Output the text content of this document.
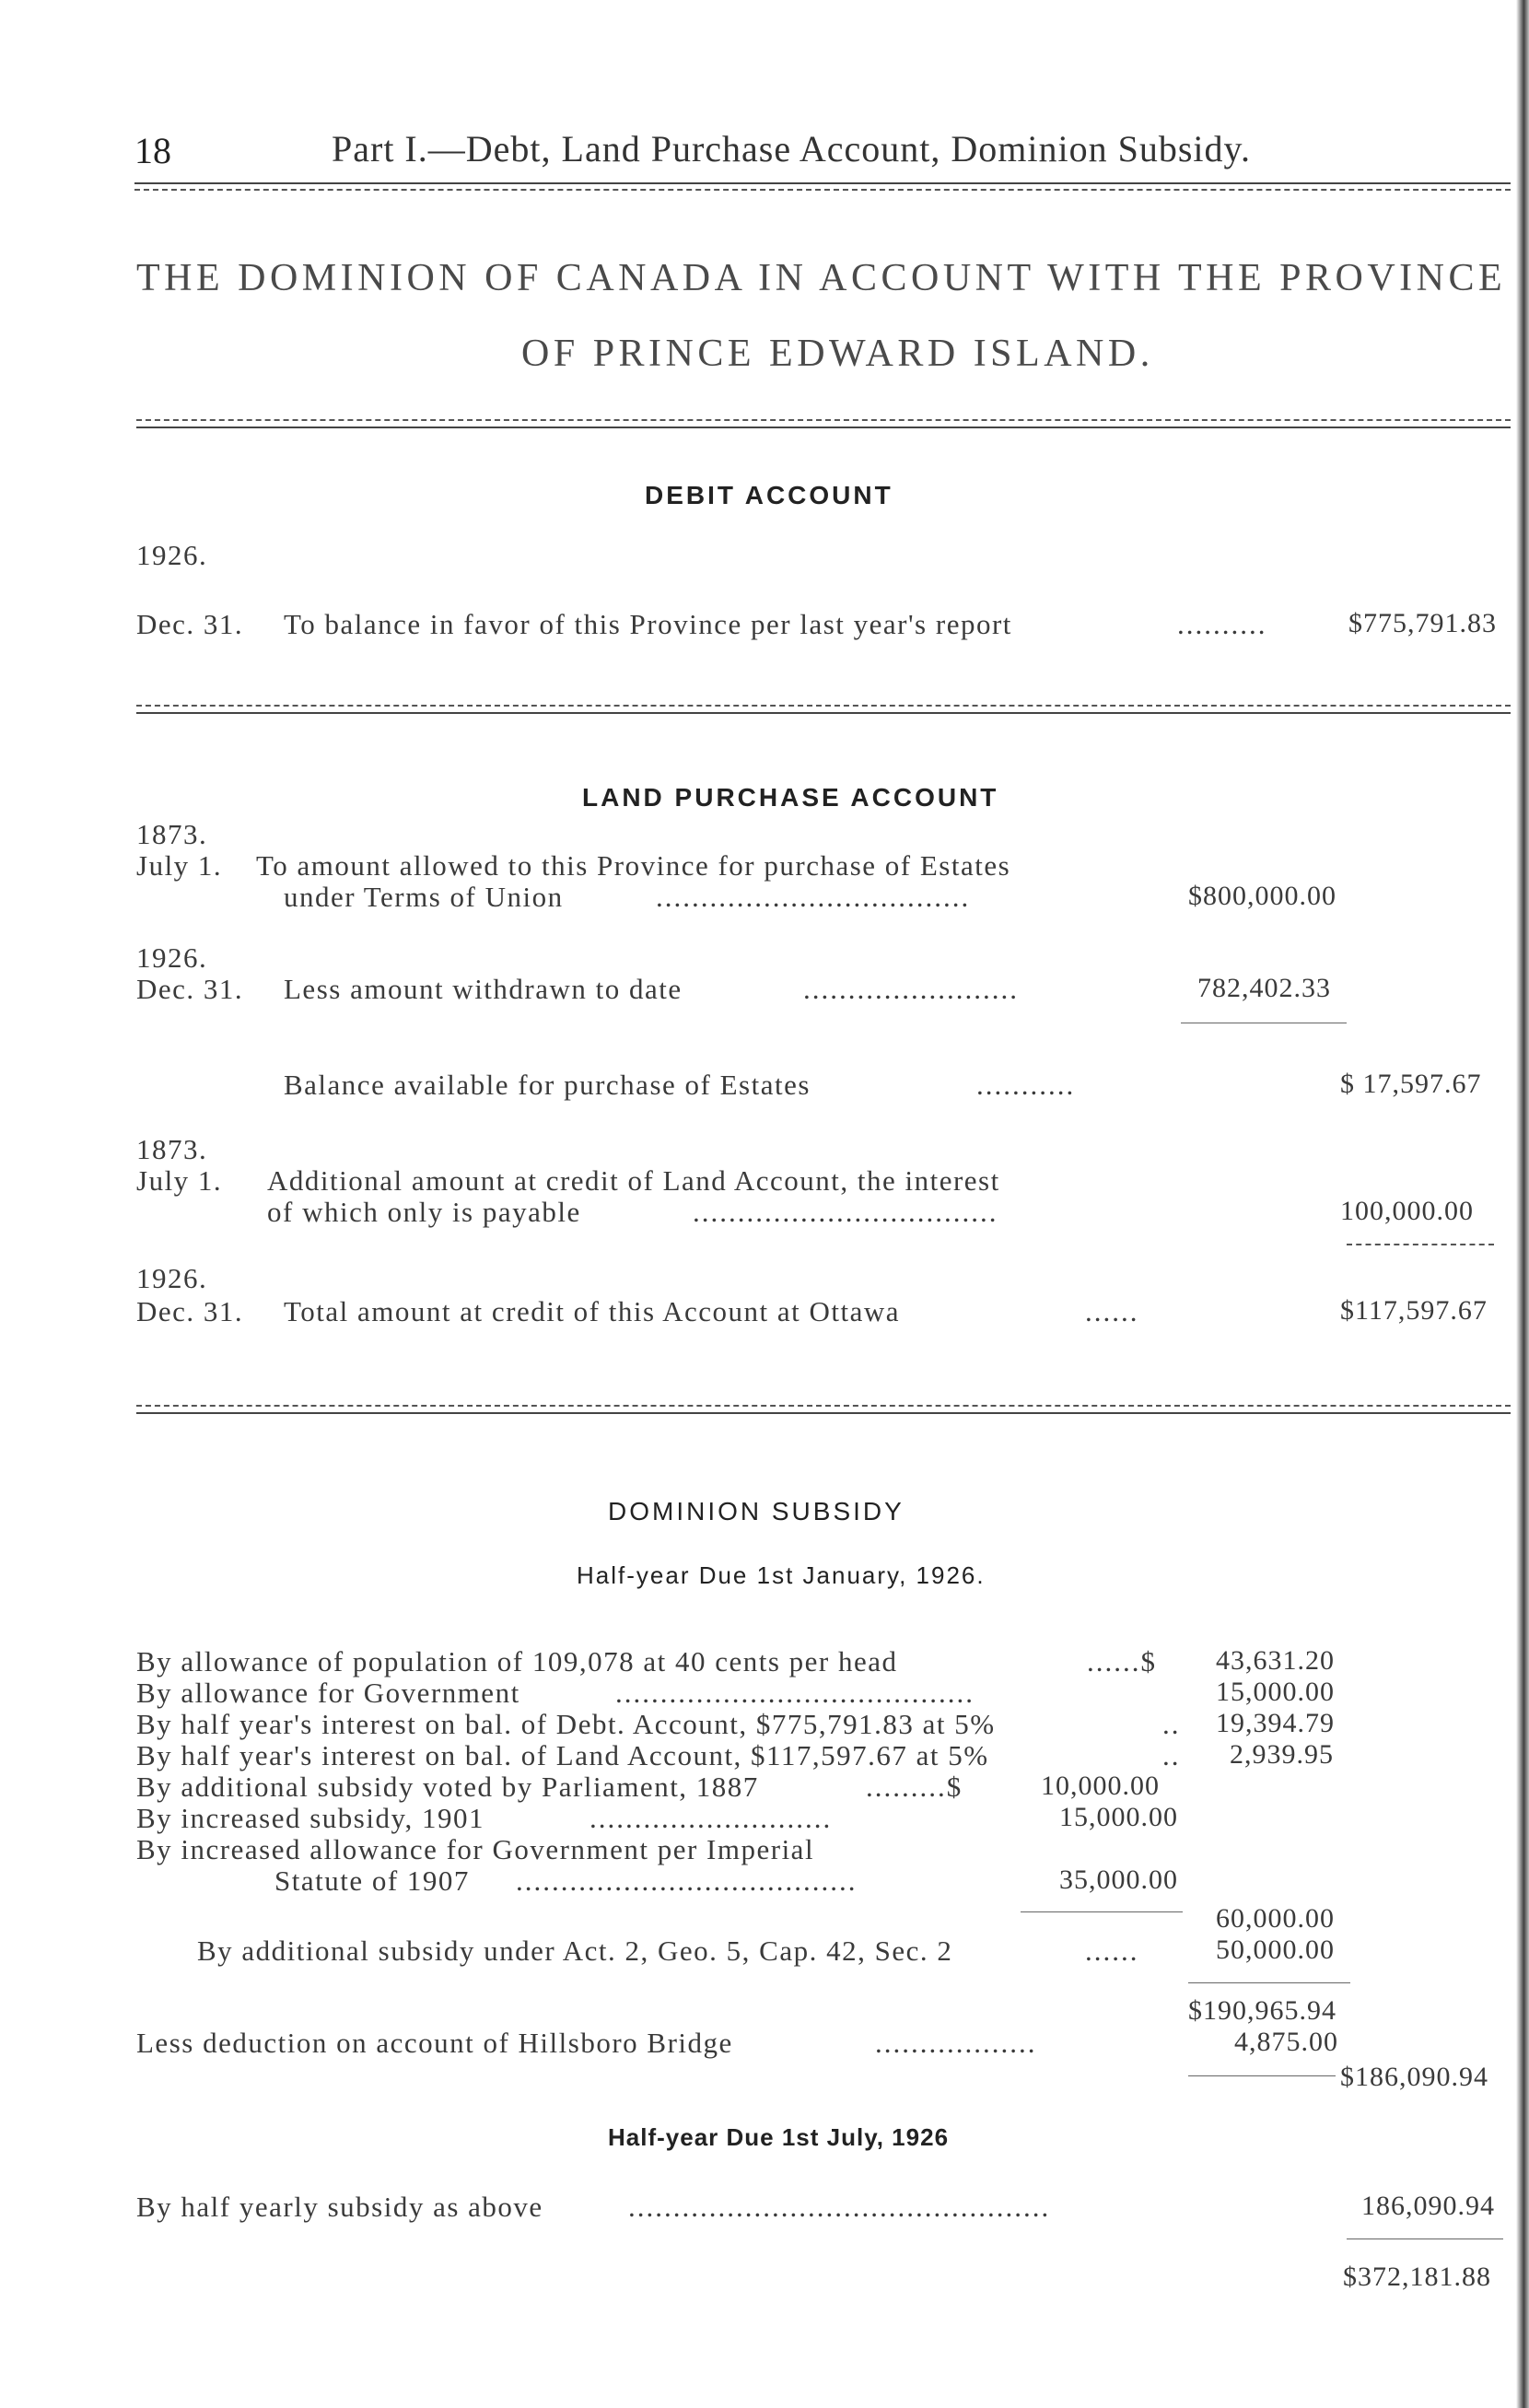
18	Part I.—Debt, Land Purchase Account, Dominion Subsidy.
THE DOMINION OF CANADA IN ACCOUNT WITH THE PROVINCE
OF PRINCE EDWARD ISLAND.
DEBIT ACCOUNT
1926.
Dec. 31. To balance in favor of this Province per last year's report	..........	$775,791.83
LAND PURCHASE ACCOUNT
1873.
July 1. To amount allowed to this Province for purchase of Estates
under Terms of Union	...................................	$800,000.00
1926.
Dec. 31. Less amount withdrawn to date	........................	782,402.33
Balance available for purchase of Estates	...........	$ 17,597.67
1873.
July 1. Additional amount at credit of Land Account, the interest
of which only is payable	..................................	100,000.00
1926.
Dec. 31. Total amount at credit of this Account at Ottawa	......	$117,597.67
DOMINION SUBSIDY
Half-year Due 1st January, 1926.
By allowance of population of 109,078 at 40 cents per head	......$ 43,631.20
By allowance for Government	........................................	15,000.00
By half year's interest on bal. of Debt. Account, $775,791.83 at 5%	.. 19,394.79
By half year's interest on bal. of Land Account, $117,597.67 at 5%	.. 2,939.95
By additional subsidy voted by Parliament, 1887	.........$	10,000.00
By increased subsidy, 1901	...........................	15,000.00
By increased allowance for Government per Imperial
Statute of 1907 ......................................	35,000.00
60,000.00
By additional subsidy under Act. 2, Geo. 5, Cap. 42, Sec. 2	......	50,000.00
$190,965.94
Less deduction on account of Hillsboro Bridge	..................	4,875.00
$186,090.94
Half-year Due 1st July, 1926
By half yearly subsidy as above	...............................................	186,090.94
$372,181.88
